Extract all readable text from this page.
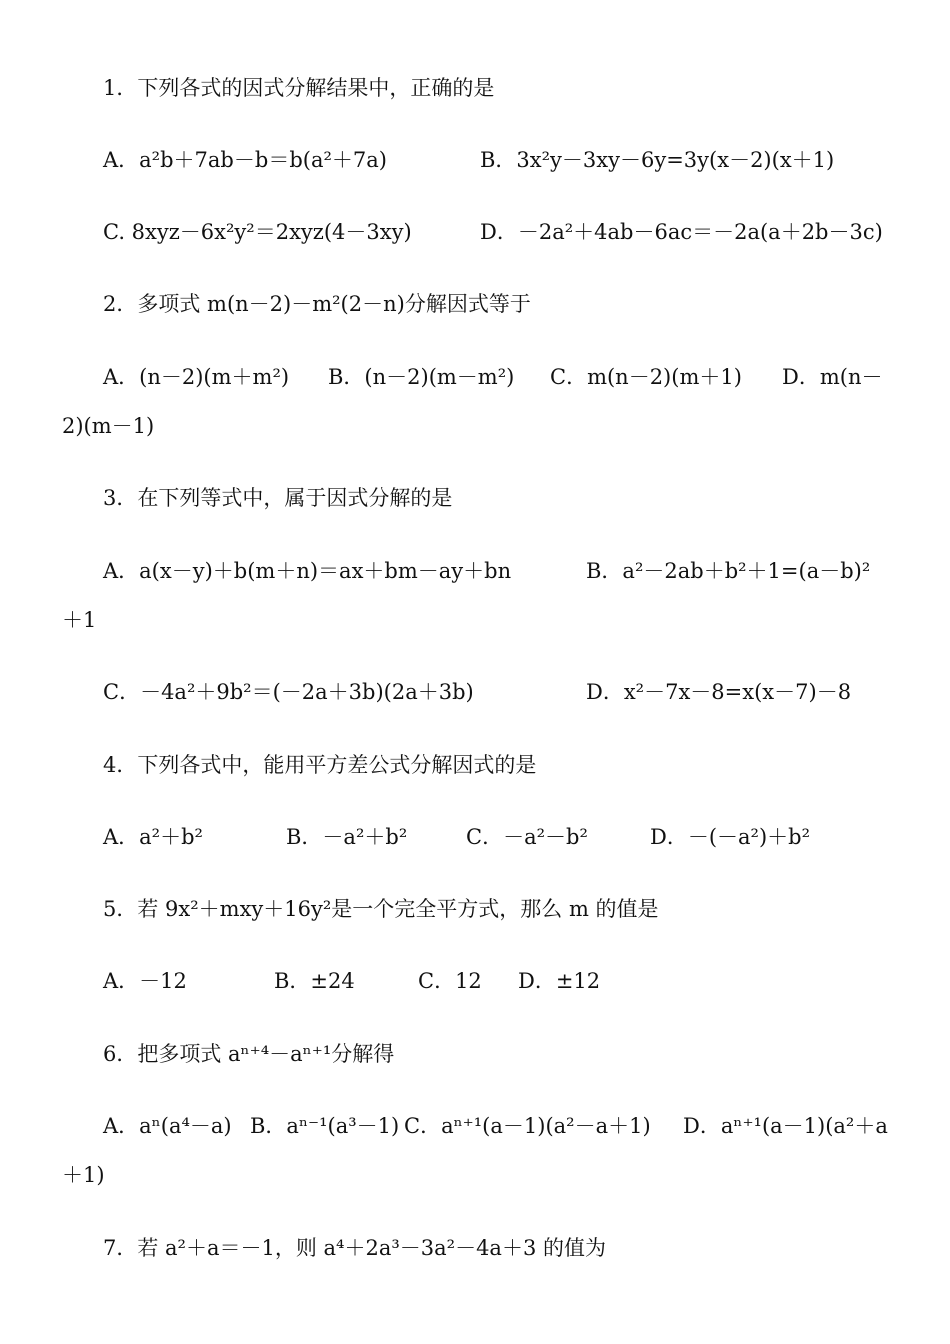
1．下列各式的因式分解结果中，正确的是
A．a²b＋7ab－b＝b(a²＋7a)	B．3x²y－3xy－6y=3y(x－2)(x＋1)
C. 8xyz－6x²y²＝2xyz(4－3xy)	D．－2a²＋4ab－6ac＝－2a(a＋2b－3c)
2．多项式 m(n－2)－m²(2－n)分解因式等于
A．(n－2)(m＋m²) B．(n－2)(m－m²) C．m(n－2)(m＋1) D．m(n－
2)(m－1)
3．在下列等式中，属于因式分解的是
A．a(x－y)＋b(m＋n)＝ax＋bm－ay＋bn	B．a²－2ab＋b²＋1=(a－b)²
＋1
C．－4a²＋9b²＝(－2a＋3b)(2a＋3b)	D．x²－7x－8=x(x－7)－8
4．下列各式中，能用平方差公式分解因式的是
A．a²＋b²	B．－a²＋b²	C．－a²－b²	D．－(－a²)＋b²
5．若 9x²＋mxy＋16y²是一个完全平方式，那么 m 的值是
A．－12	B．±24	C．12 D．±12
6．把多项式 aⁿ⁺⁴－aⁿ⁺¹分解得
A．aⁿ(a⁴－a) B．aⁿ⁻¹(a³－1) C．aⁿ⁺¹(a－1)(a²－a＋1) D．aⁿ⁺¹(a－1)(a²＋a
＋1)
7．若 a²＋a＝－1，则 a⁴＋2a³－3a²－4a＋3 的值为
